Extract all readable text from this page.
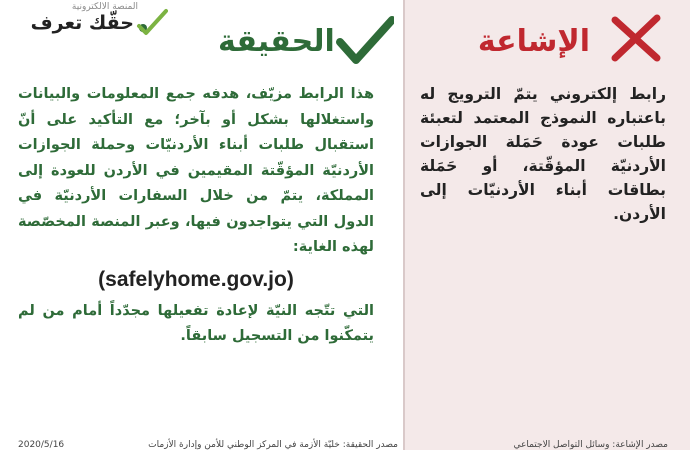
المنصة الالكترونية
حقّك تعرف
الحقيقة	الإشاعة

هذا الرابط مزيّف، هدفه جمع المعلومات والبيانات واستغلالها بشكل أو بآخر؛ مع التأكيد على أنّ استقبال طلبات أبناء الأردنيّات وحملة الجوازات الأردنيّة المؤقّتة المقيمين في الأردن للعودة إلى المملكة، يتمّ من خلال السفارات الأردنيّة في الدول التي يتواجدون فيها، وعبر المنصة المخصّصة لهذه الغاية:

(safelyhome.gov.jo)

التي تتّجه النيّة لإعادة تفعيلها مجدّداً أمام من لم يتمكّنوا من التسجيل سابقاً.

رابط إلكتروني يتمّ الترويج له باعتباره النموذج المعتمد لتعبئة طلبات عودة حَمَلة الجوازات الأردنيّة المؤقّتة، أو حَمَلة بطاقات أبناء الأردنيّات إلى الأردن.

مصدر الحقيقة: خليّة الأزمة في المركز الوطني للأمن وإدارة الأزمات
2020/5/16	مصدر الإشاعة: وسائل التواصل الاجتماعي
